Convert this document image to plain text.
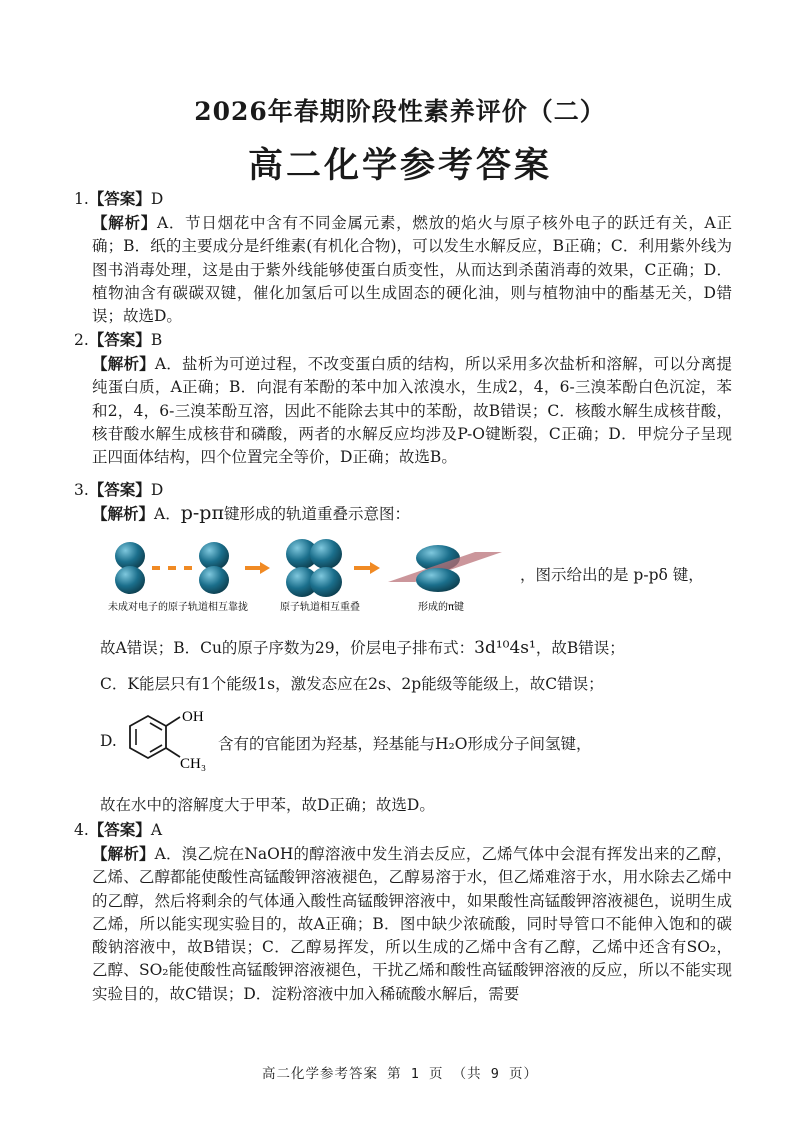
2026年春期阶段性素养评价（二）
高二化学参考答案
1.【答案】D
【解析】A．节日烟花中含有不同金属元素，燃放的焰火与原子核外电子的跃迁有关，A正确；B．纸的主要成分是纤维素(有机化合物)，可以发生水解反应，B正确；C．利用紫外线为图书消毒处理，这是由于紫外线能够使蛋白质变性，从而达到杀菌消毒的效果，C正确；D．植物油含有碳碳双键，催化加氢后可以生成固态的硬化油，则与植物油中的酯基无关，D错误；故选D。
2.【答案】B
【解析】A．盐析为可逆过程，不改变蛋白质的结构，所以采用多次盐析和溶解，可以分离提纯蛋白质，A正确；B．向混有苯酚的苯中加入浓溴水，生成2，4，6-三溴苯酚白色沉淀，苯和2，4，6-三溴苯酚互溶，因此不能除去其中的苯酚，故B错误；C．核酸水解生成核苷酸，核苷酸水解生成核苷和磷酸，两者的水解反应均涉及P-O键断裂，C正确；D．甲烷分子呈现正四面体结构，四个位置完全等价，D正确；故选B。
3.【答案】D
【解析】A．p-pπ键形成的轨道重叠示意图：
未成对电子的原子轨道相互靠拢	原子轨道相互重叠	形成的π键
，图示给出的是 p-pδ 键，
故A错误；B．Cu的原子序数为29，价层电子排布式：3d¹⁰4s¹，故B错误；
C．K能层只有1个能级1s，激发态应在2s、2p能级等能级上，故C错误；
D.
OH
CH₃
含有的官能团为羟基，羟基能与H₂O形成分子间氢键，
故在水中的溶解度大于甲苯，故D正确；故选D。
4.【答案】A
【解析】A．溴乙烷在NaOH的醇溶液中发生消去反应，乙烯气体中会混有挥发出来的乙醇，乙烯、乙醇都能使酸性高锰酸钾溶液褪色，乙醇易溶于水，但乙烯难溶于水，用水除去乙烯中的乙醇，然后将剩余的气体通入酸性高锰酸钾溶液中，如果酸性高锰酸钾溶液褪色，说明生成乙烯，所以能实现实验目的，故A正确；B．图中缺少浓硫酸，同时导管口不能伸入饱和的碳酸钠溶液中，故B错误；C．乙醇易挥发，所以生成的乙烯中含有乙醇，乙烯中还含有SO₂，乙醇、SO₂能使酸性高锰酸钾溶液褪色，干扰乙烯和酸性高锰酸钾溶液的反应，所以不能实现实验目的，故C错误；D．淀粉溶液中加入稀硫酸水解后，需要
高二化学参考答案 第 1 页 （共 9 页）
